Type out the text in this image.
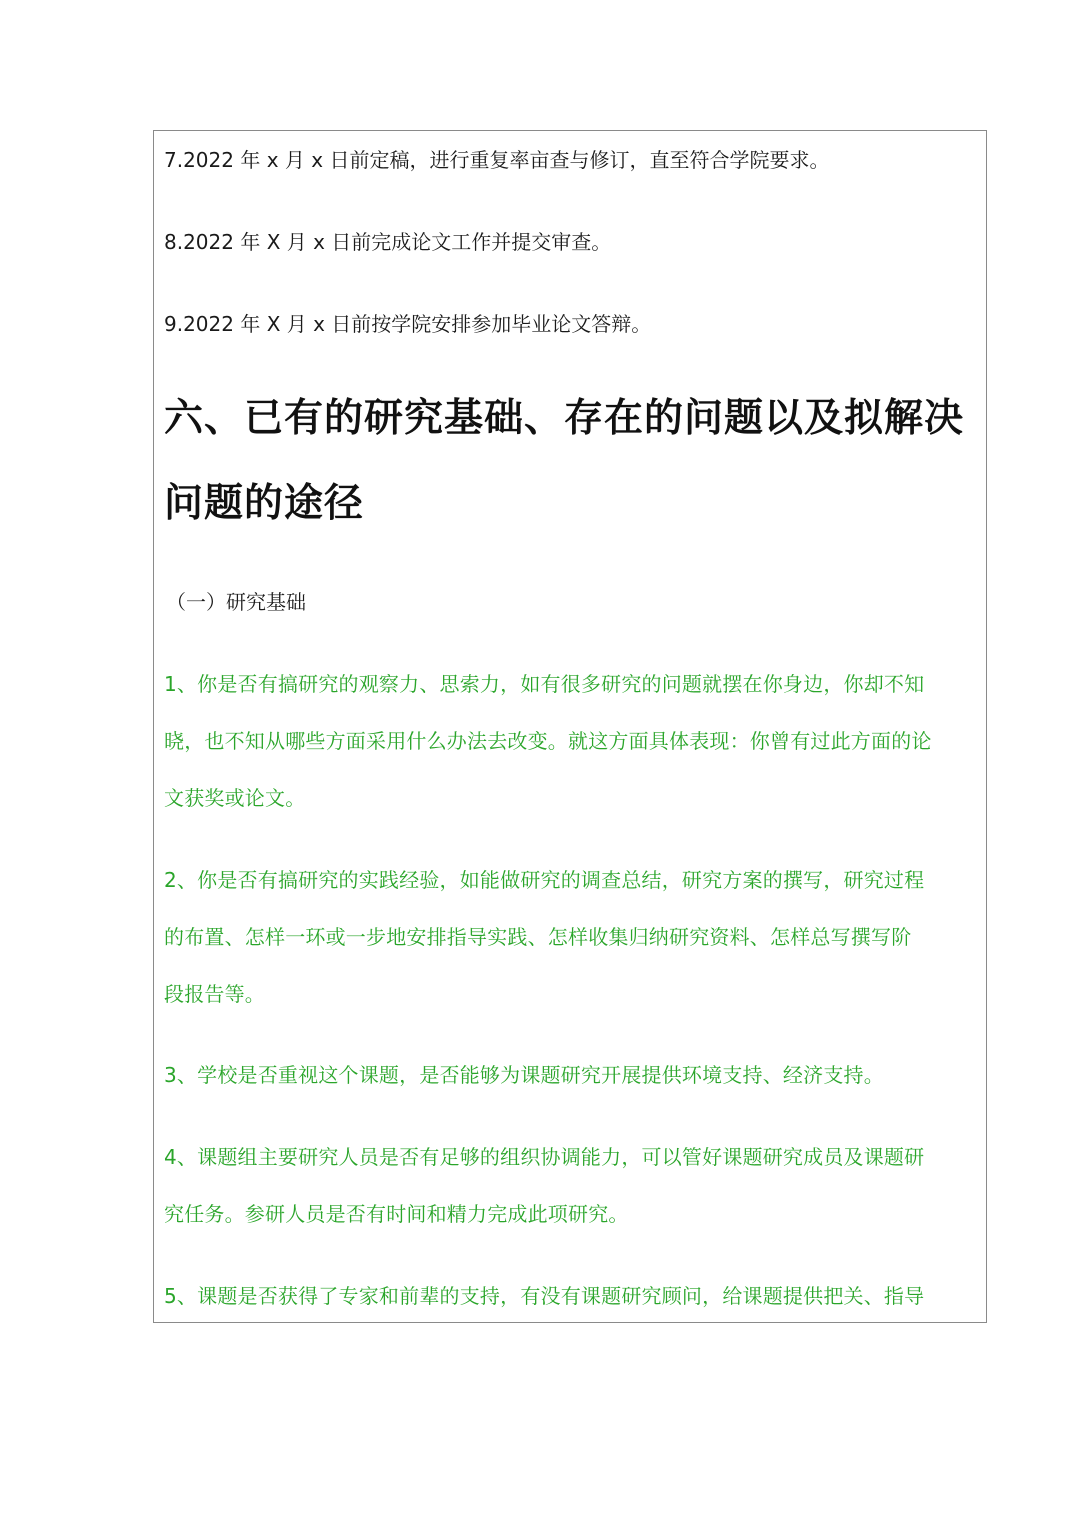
7.2022 年 x 月 x 日前定稿，进行重复率亩查与修订，直至符合学院要求。
8.2022 年 X 月 x 日前完成论文工作并提交审查。
9.2022 年 X 月 x 日前按学院安排参加毕业论文答辩。
六、已有的研究基础、存在的问题以及拟解决
问题的途径
（一）研究基础
1、你是否有搞研究的观察力、思索力，如有很多研究的问题就摆在你身边，你却不知
晓，也不知从哪些方面采用什么办法去改变。就这方面具体表现：你曾有过此方面的论
文获奖或论文。
2、你是否有搞研究的实践经验，如能做研究的调查总结，研究方案的撰写，研究过程
的布置、怎样一环或一步地安排指导实践、怎样收集归纳研究资料、怎样总写撰写阶
段报告等。
3、学校是否重视这个课题，是否能够为课题研究开展提供环境支持、经济支持。
4、课题组主要研究人员是否有足够的组织协调能力，可以管好课题研究成员及课题研
究任务。参研人员是否有时间和精力完成此项研究。
5、课题是否获得了专家和前辈的支持，有没有课题研究顾问，给课题提供把关、指导
